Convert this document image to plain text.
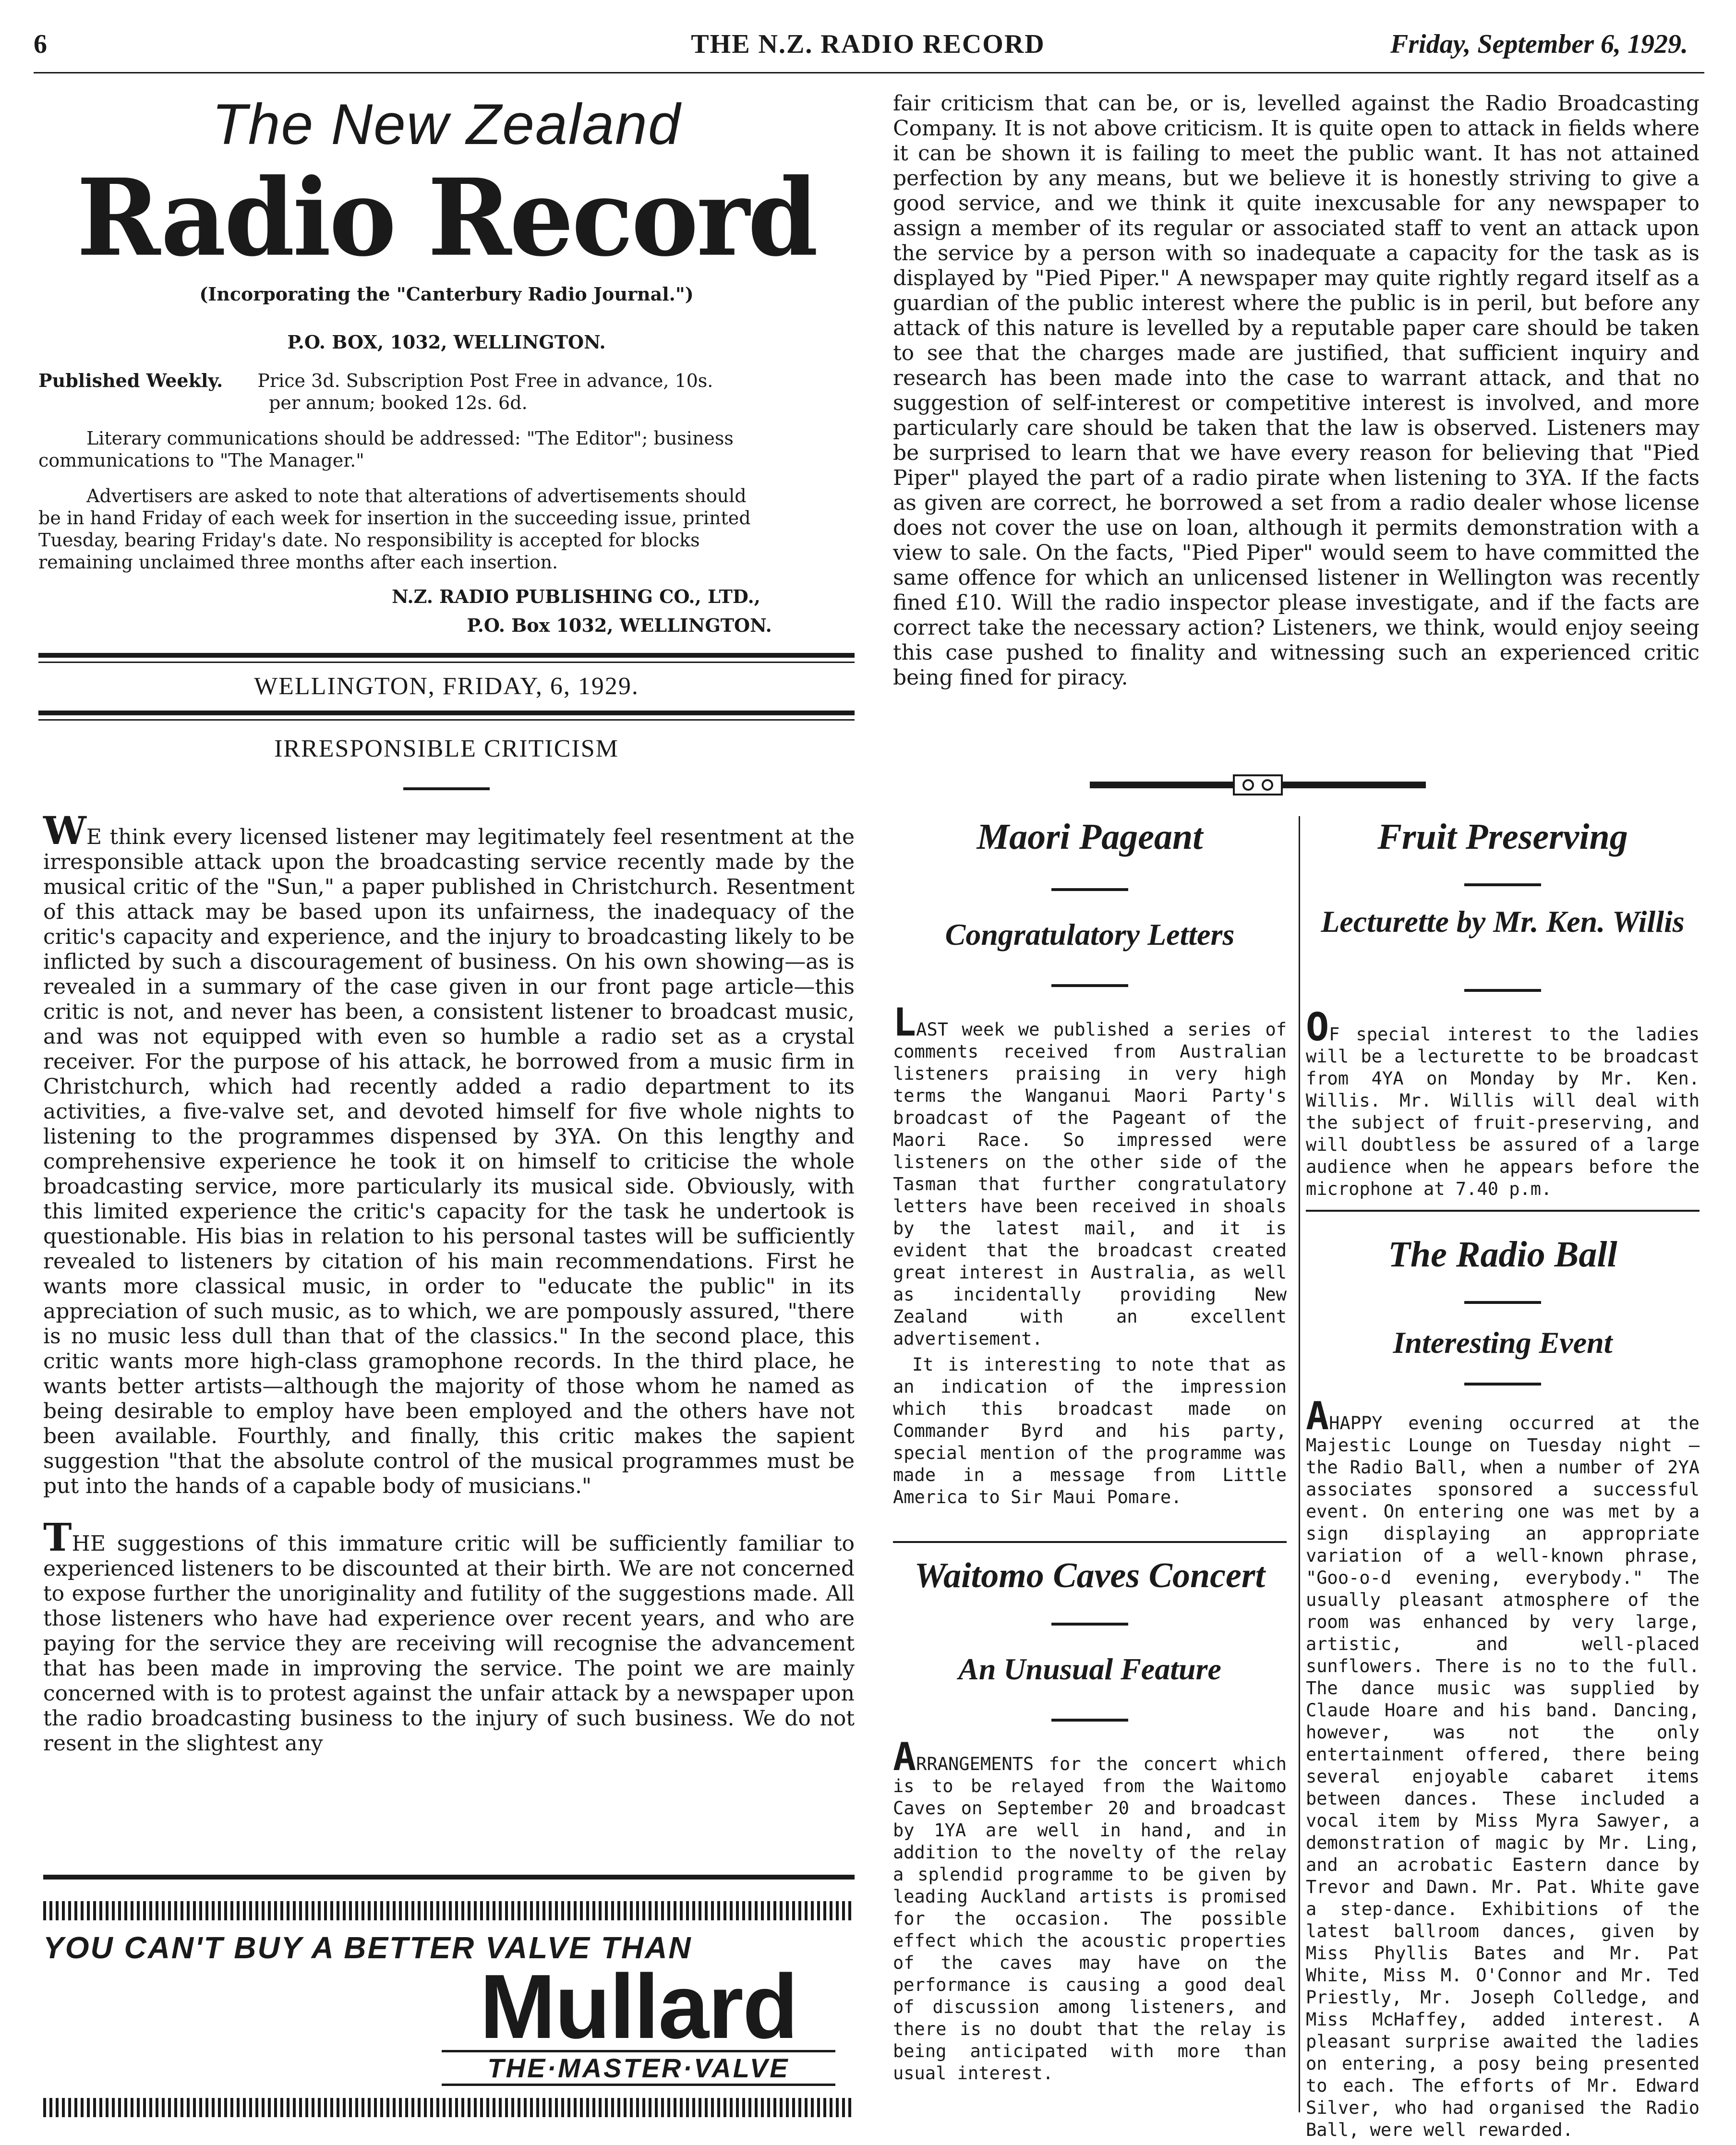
6	THE N.Z. RADIO RECORD	Friday, September 6, 1929.
The New Zealand
Radio Record
(Incorporating the "Canterbury Radio Journal.")
P.O. BOX, 1032, WELLINGTON.
Published Weekly. Price 3d. Subscription Post Free in advance, 10s.
per annum; booked 12s. 6d.
Literary communications should be addressed: "The Editor"; business
communications to "The Manager."
Advertisers are asked to note that alterations of advertisements should
be in hand Friday of each week for insertion in the succeeding issue, printed
Tuesday, bearing Friday's date. No responsibility is accepted for blocks
remaining unclaimed three months after each insertion.
N.Z. RADIO PUBLISHING CO., LTD.,
P.O. Box 1032, WELLINGTON.
WELLINGTON, FRIDAY, 6, 1929.
IRRESPONSIBLE CRITICISM

WE think every licensed listener may legitimately feel resentment at the irresponsible attack upon the broadcasting service recently made by the musical critic of the "Sun," a paper published in Christchurch. Resentment of this attack may be based upon its unfairness, the inadequacy of the critic's capacity and experience, and the injury to broadcasting likely to be inflicted by such a discouragement of business. On his own showing—as is revealed in a summary of the case given in our front page article—this critic is not, and never has been, a consistent listener to broadcast music, and was not equipped with even so humble a radio set as a crystal receiver. For the purpose of his attack, he borrowed from a music firm in Christchurch, which had recently added a radio department to its activities, a five-valve set, and devoted himself for five whole nights to listening to the programmes dispensed by 3YA. On this lengthy and comprehensive experience he took it on himself to criticise the whole broadcasting service, more particularly its musical side. Obviously, with this limited experience the critic's capacity for the task he undertook is questionable. His bias in relation to his personal tastes will be sufficiently revealed to listeners by citation of his main recommendations. First he wants more classical music, in order to "educate the public" in its appreciation of such music, as to which, we are pompously assured, "there is no music less dull than that of the classics." In the second place, this critic wants more high-class gramophone records. In the third place, he wants better artists—although the majority of those whom he named as being desirable to employ have been employed and the others have not been available. Fourthly, and finally, this critic makes the sapient suggestion "that the absolute control of the musical programmes must be put into the hands of a capable body of musicians."

THE suggestions of this immature critic will be sufficiently familiar to experienced listeners to be discounted at their birth. We are not concerned to expose further the unoriginality and futility of the suggestions made. All those listeners who have had experience over recent years, and who are paying for the service they are receiving will recognise the advancement that has been made in improving the service. The point we are mainly concerned with is to protest against the unfair attack by a newspaper upon the radio broadcasting business to the injury of such business. We do not resent in the slightest any

YOU CAN'T BUY A BETTER VALVE THAN
Mullard
THE·MASTER·VALVE

fair criticism that can be, or is, levelled against the Radio Broadcasting Company. It is not above criticism. It is quite open to attack in fields where it can be shown it is failing to meet the public want. It has not attained perfection by any means, but we believe it is honestly striving to give a good service, and we think it quite inexcusable for any newspaper to assign a member of its regular or associated staff to vent an attack upon the service by a person with so inadequate a capacity for the task as is displayed by "Pied Piper." A newspaper may quite rightly regard itself as a guardian of the public interest where the public is in peril, but before any attack of this nature is levelled by a reputable paper care should be taken to see that the charges made are justified, that sufficient inquiry and research has been made into the case to warrant attack, and that no suggestion of self-interest or competitive interest is involved, and more particularly care should be taken that the law is observed. Listeners may be surprised to learn that we have every reason for believing that "Pied Piper" played the part of a radio pirate when listening to 3YA. If the facts as given are correct, he borrowed a set from a radio dealer whose license does not cover the use on loan, although it permits demonstration with a view to sale. On the facts, "Pied Piper" would seem to have committed the same offence for which an unlicensed listener in Wellington was recently fined £10. Will the radio inspector please investigate, and if the facts are correct take the necessary action? Listeners, we think, would enjoy seeing this case pushed to finality and witnessing such an experienced critic being fined for piracy.

Maori Pageant
Congratulatory Letters

LAST week we published a series of comments received from Australian listeners praising in very high terms the Wanganui Maori Party's broadcast of the Pageant of the Maori Race. So impressed were listeners on the other side of the Tasman that further congratulatory letters have been received in shoals by the latest mail, and it is evident that the broadcast created great interest in Australia, as well as incidentally providing New Zealand with an excellent advertisement.

It is interesting to note that as an indication of the impression which this broadcast made on Commander Byrd and his party, special mention of the programme was made in a message from Little America to Sir Maui Pomare.

Waitomo Caves Concert
An Unusual Feature

ARRANGEMENTS for the concert which is to be relayed from the Waitomo Caves on September 20 and broadcast by 1YA are well in hand, and in addition to the novelty of the relay a splendid programme to be given by leading Auckland artists is promised for the occasion. The possible effect which the acoustic properties of the caves may have on the performance is causing a good deal of discussion among listeners, and there is no doubt that the relay is being anticipated with more than usual interest.

Fruit Preserving
Lecturette by Mr. Ken. Willis

OF special interest to the ladies will be a lecturette to be broadcast from 4YA on Monday by Mr. Ken. Willis. Mr. Willis will deal with the subject of fruit-preserving, and will doubtless be assured of a large audience when he appears before the microphone at 7.40 p.m.

The Radio Ball
Interesting Event

AHAPPY evening occurred at the Majestic Lounge on Tuesday night —the Radio Ball, when a number of 2YA associates sponsored a successful event. On entering one was met by a sign displaying an appropriate variation of a well-known phrase, "Goo-o-d evening, everybody." The usually pleasant atmosphere of the room was enhanced by very large, artistic, and well-placed sunflowers. There is no to the full. The dance music was supplied by Claude Hoare and his band. Dancing, however, was not the only entertainment offered, there being several enjoyable cabaret items between dances. These included a vocal item by Miss Myra Sawyer, a demonstration of magic by Mr. Ling, and an acrobatic Eastern dance by Trevor and Dawn. Mr. Pat. White gave a step-dance. Exhibitions of the latest ballroom dances, given by Miss Phyllis Bates and Mr. Pat White, Miss M. O'Connor and Mr. Ted Priestly, Mr. Joseph Colledge, and Miss McHaffey, added interest. A pleasant surprise awaited the ladies on entering, a posy being presented to each. The efforts of Mr. Edward Silver, who had organised the Radio Ball, were well rewarded.
